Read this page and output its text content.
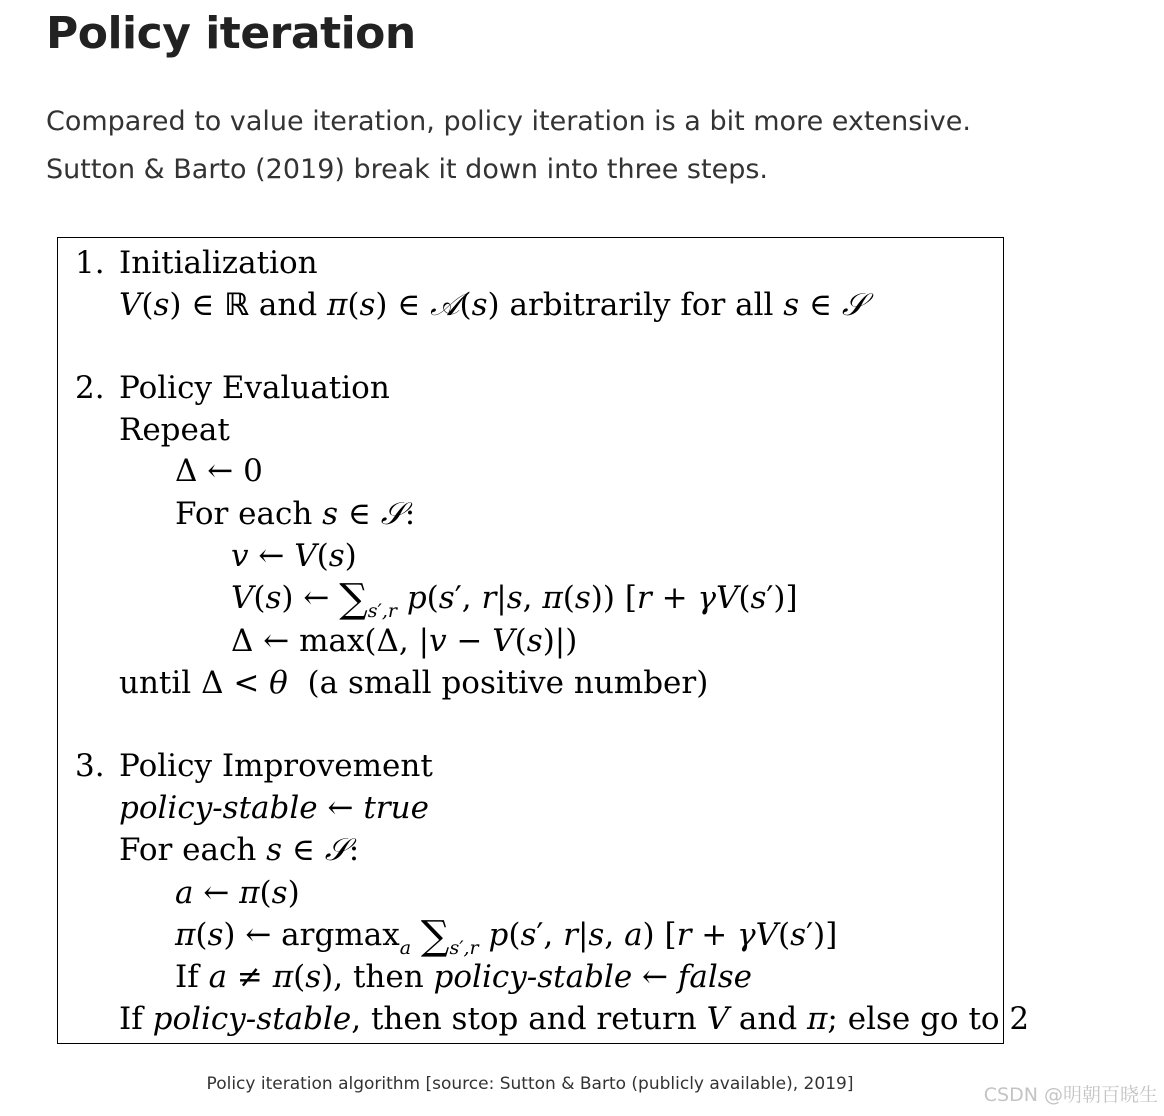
Policy iteration

Compared to value iteration, policy iteration is a bit more extensive. Sutton & Barto (2019) break it down into three steps.

1. Initialization
V(s) ∈ ℝ and π(s) ∈ 𝒜(s) arbitrarily for all s ∈ 𝒮
2. Policy Evaluation
Repeat
Δ ← 0
For each s ∈ 𝒮:
v ← V(s)
V(s) ← $\sum_{s',r}$ p(s′, r|s, π(s)) [r + γV(s′)]
Δ ← max(Δ, |v − V(s)|)
until Δ < θ (a small positive number)
3. Policy Improvement
policy-stable ← true
For each s ∈ 𝒮:
a ← π(s)
π(s) ← argmax$_a$ $\sum_{s',r}$ p(s′, r|s, a) [r + γV(s′)]
If a ≠ π(s), then policy-stable ← false
If policy-stable, then stop and return V and π; else go to 2
Policy iteration algorithm [source: Sutton & Barto (publicly available), 2019]	CSDN @明朝百晓生
